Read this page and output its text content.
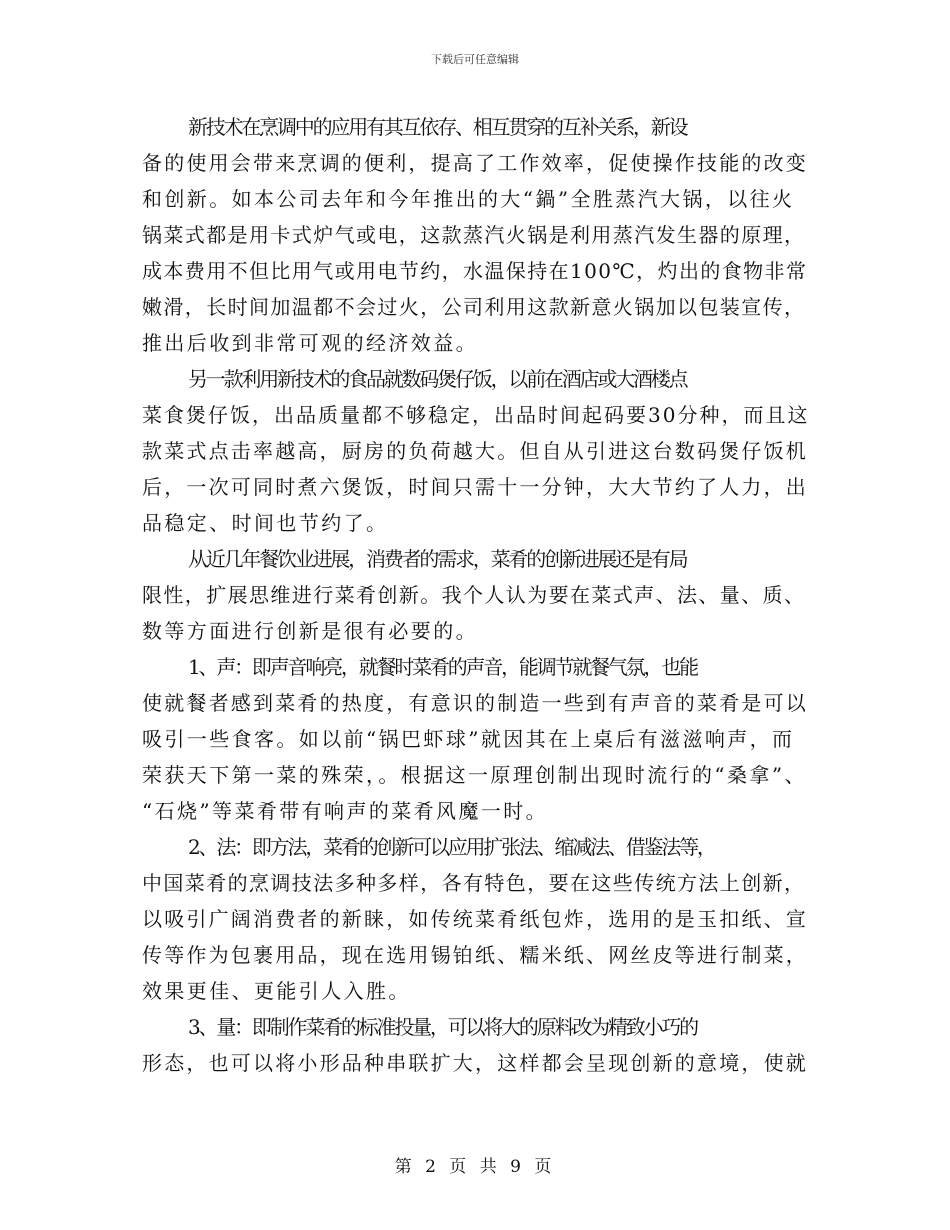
下载后可任意编辑
新技术在烹调中的应用有其互依存、相互贯穿的互补关系，新设
备的使用会带来烹调的便利，提高了工作效率，促使操作技能的改变
和创新。如本公司去年和今年推出的大“鍋”全胜蒸汽大锅，以往火
锅菜式都是用卡式炉气或电，这款蒸汽火锅是利用蒸汽发生器的原理，
成本费用不但比用气或用电节约，水温保持在100℃，灼出的食物非常
嫩滑，长时间加温都不会过火，公司利用这款新意火锅加以包装宣传，
推出后收到非常可观的经济效益。
另一款利用新技术的食品就数码煲仔饭，以前在酒店或大酒楼点
菜食煲仔饭，出品质量都不够稳定，出品时间起码要30分种，而且这
款菜式点击率越高，厨房的负荷越大。但自从引进这台数码煲仔饭机
后，一次可同时煮六煲饭，时间只需十一分钟，大大节约了人力，出
品稳定、时间也节约了。
从近几年餐饮业进展，消费者的需求，菜肴的创新进展还是有局
限性，扩展思维进行菜肴创新。我个人认为要在菜式声、法、量、质、
数等方面进行创新是很有必要的。
1、声：即声音响亮，就餐时菜肴的声音，能调节就餐气氛，也能
使就餐者感到菜肴的热度，有意识的制造一些到有声音的菜肴是可以
吸引一些食客。如以前“锅巴虾球”就因其在上桌后有滋滋响声，而
荣获天下第一菜的殊荣，。根据这一原理创制出现时流行的“桑拿”、
“石烧”等菜肴带有响声的菜肴风魔一时。
2、法：即方法，菜肴的创新可以应用扩张法、缩减法、借鉴法等，
中国菜肴的烹调技法多种多样，各有特色，要在这些传统方法上创新，
以吸引广阔消费者的新睐，如传统菜肴纸包炸，选用的是玉扣纸、宣
传等作为包裹用品，现在选用锡铂纸、糯米纸、网丝皮等进行制菜，
效果更佳、更能引人入胜。
3、量：即制作菜肴的标准投量，可以将大的原料改为精致小巧的
形态，也可以将小形品种串联扩大，这样都会呈现创新的意境，使就
第 2 页 共 9 页
